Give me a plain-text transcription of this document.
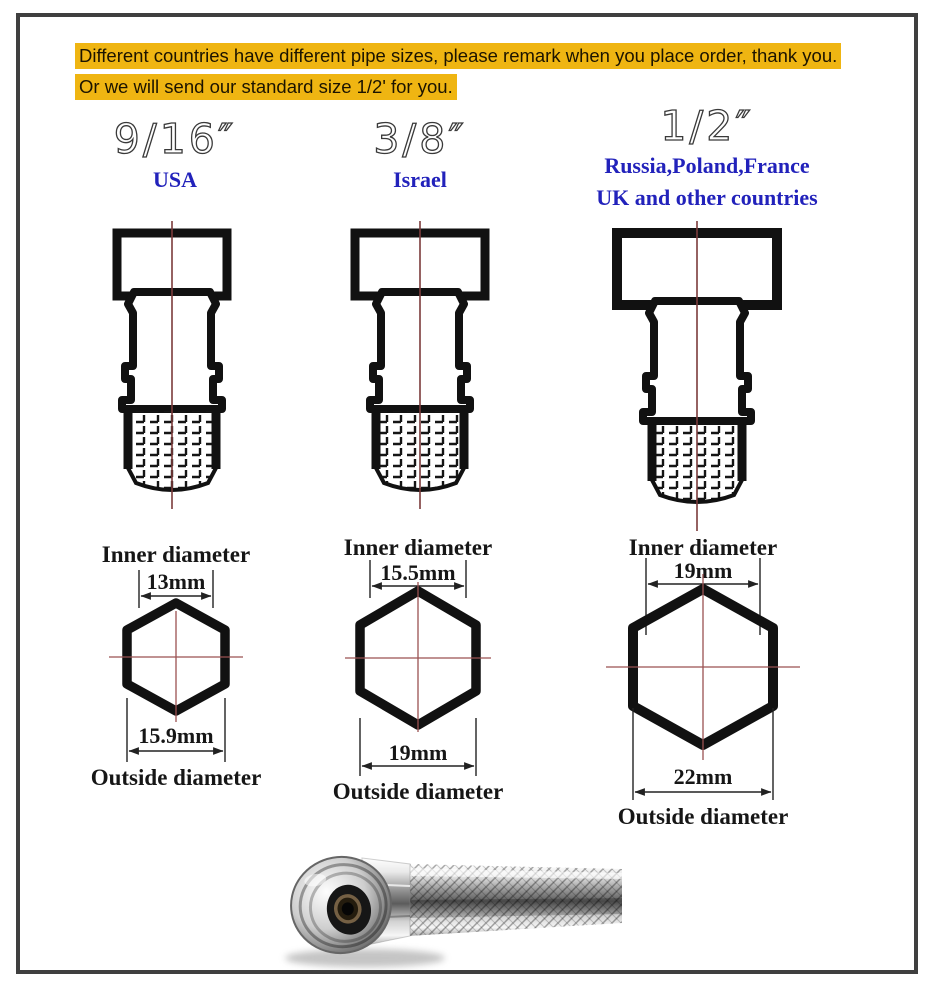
Different countries have different pipe sizes, please remark when you place order, thank you.
Or we will send our standard size 1/2' for you.
9/16″	3/8″	1/2″
USA	Israel
Russia,Poland,France
UK and other countries
Inner diameter
13mm
15.9mm
Outside diameter
Inner diameter
15.5mm
19mm
Outside diameter
Inner diameter
19mm
22mm
Outside diameter
